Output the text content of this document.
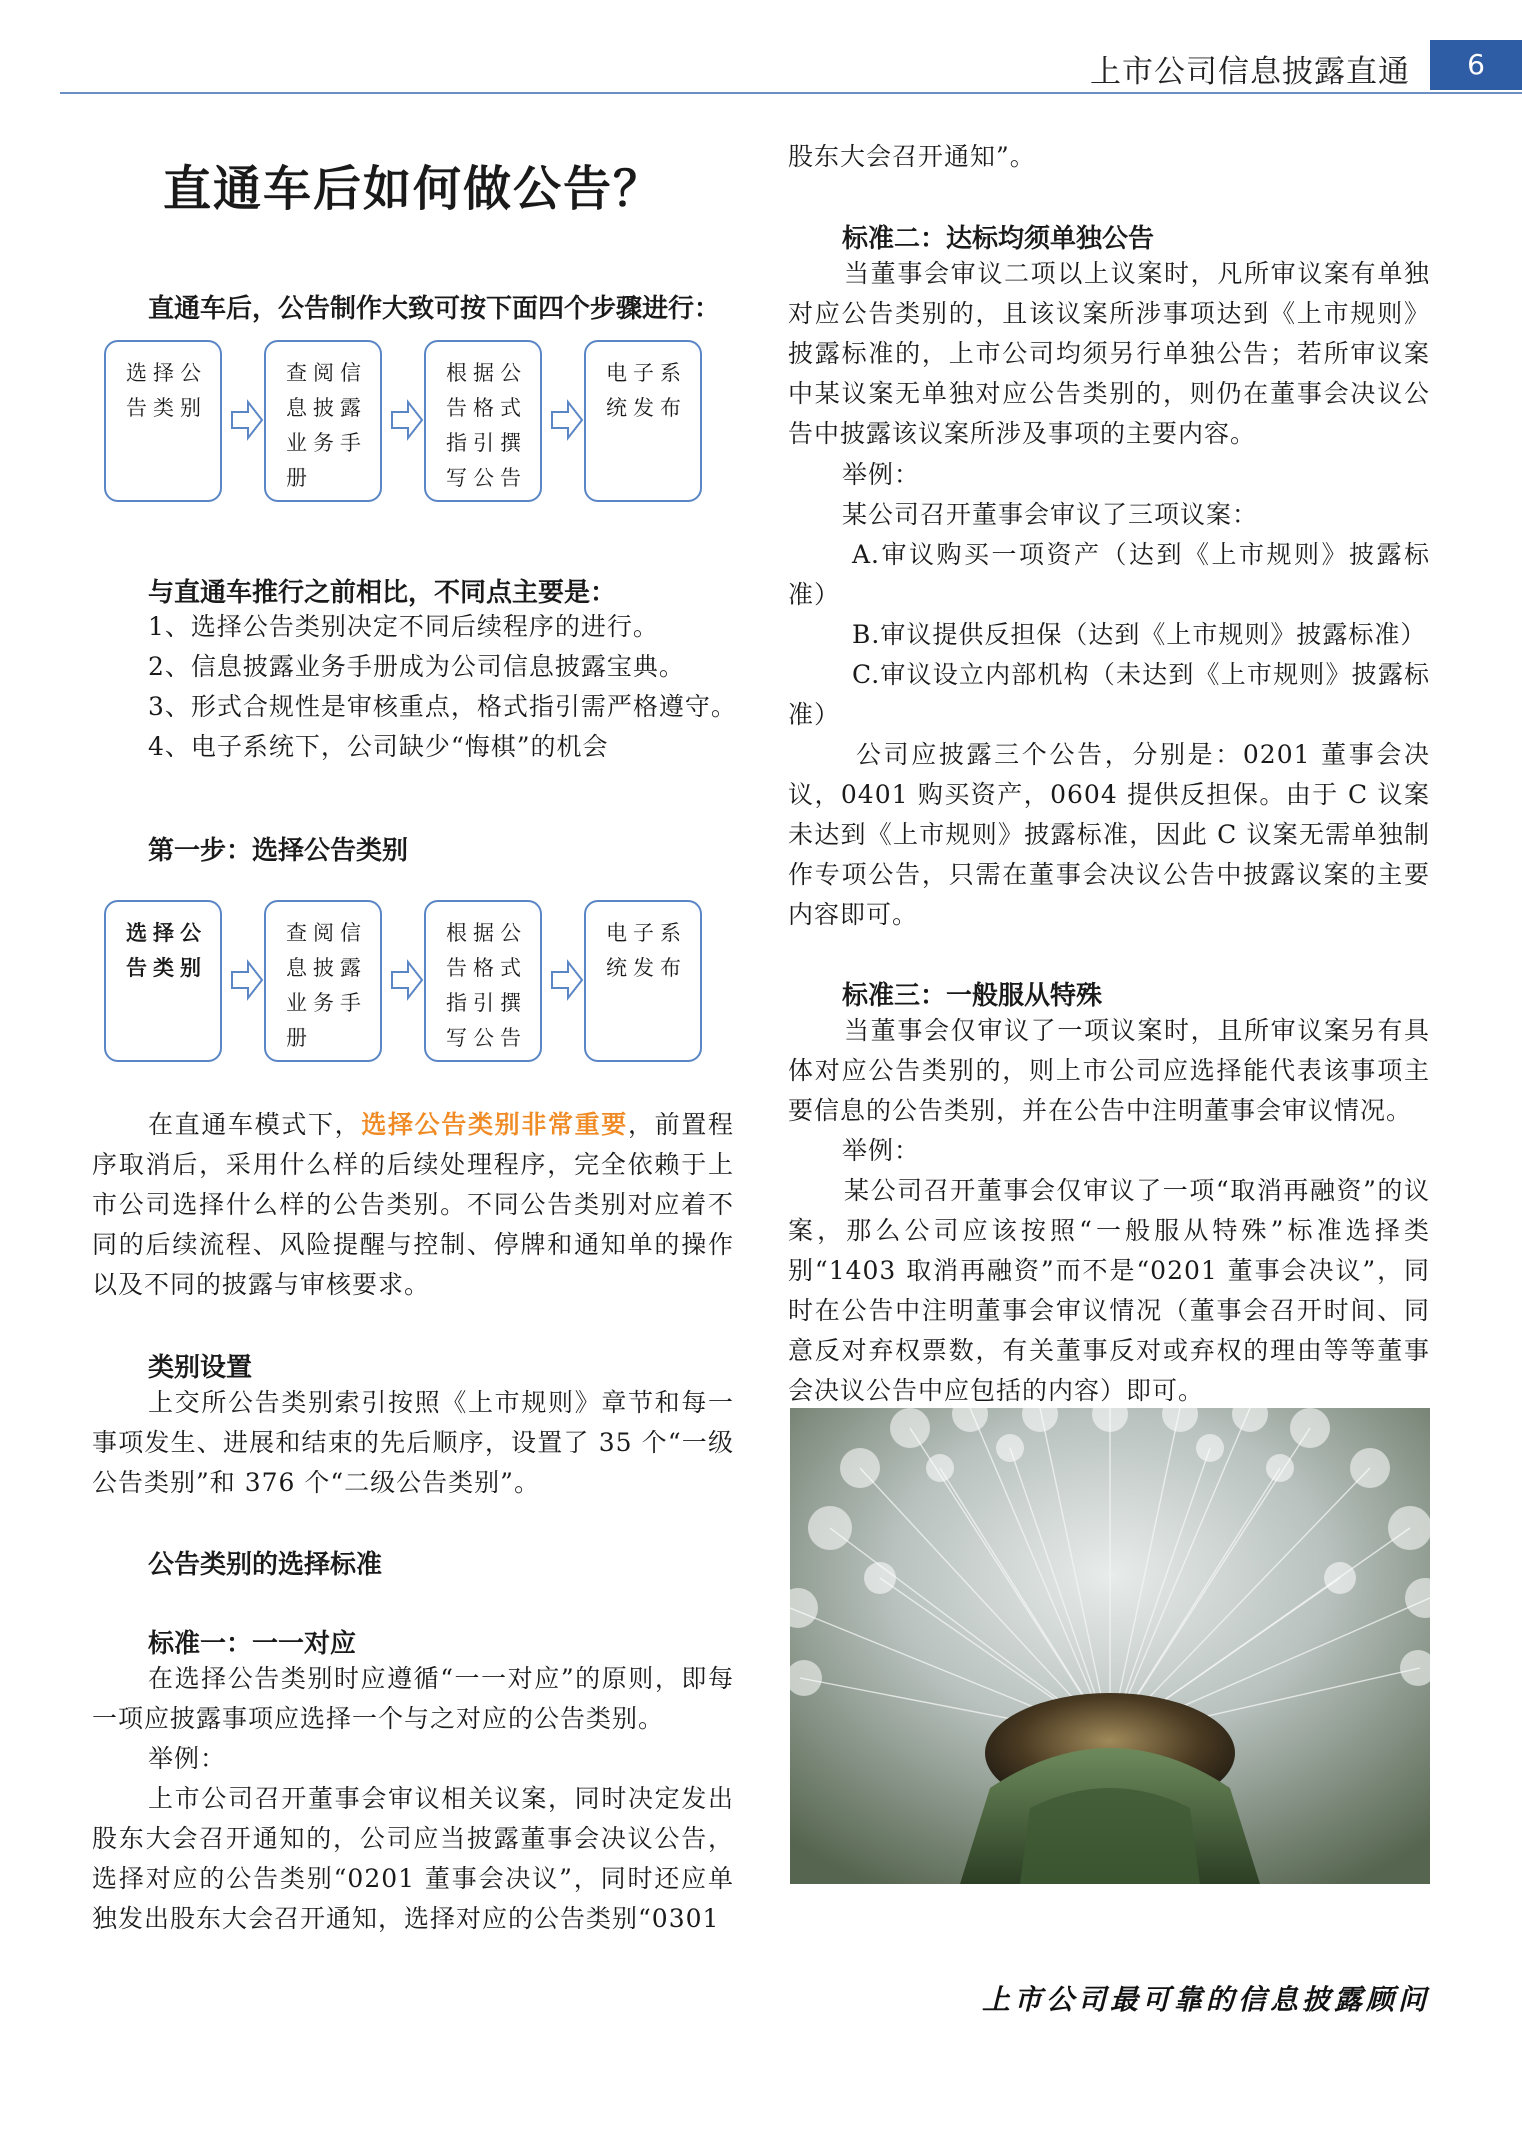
上市公司信息披露直通	6
直通车后如何做公告？
直通车后，公告制作大致可按下面四个步骤进行：
选择公告类别
查阅信息披露业务手册
根据公告格式指引撰写公告
电子系统发布
与直通车推行之前相比，不同点主要是：
1、选择公告类别决定不同后续程序的进行。
2、信息披露业务手册成为公司信息披露宝典。
3、形式合规性是审核重点，格式指引需严格遵守。
4、电子系统下，公司缺少“悔棋”的机会
第一步：选择公告类别
选择公告类别
查阅信息披露业务手册
根据公告格式指引撰写公告
电子系统发布
在直通车模式下，选择公告类别非常重要，前置程序取消后，采用什么样的后续处理程序，完全依赖于上市公司选择什么样的公告类别。不同公告类别对应着不同的后续流程、风险提醒与控制、停牌和通知单的操作以及不同的披露与审核要求。
类别设置
上交所公告类别索引按照《上市规则》章节和每一事项发生、进展和结束的先后顺序，设置了 35 个“一级公告类别”和 376 个“二级公告类别”。
公告类别的选择标准
标准一：一一对应
在选择公告类别时应遵循“一一对应”的原则，即每一项应披露事项应选择一个与之对应的公告类别。
举例：
上市公司召开董事会审议相关议案，同时决定发出股东大会召开通知的，公司应当披露董事会决议公告，选择对应的公告类别“0201 董事会决议”，同时还应单独发出股东大会召开通知，选择对应的公告类别“0301
股东大会召开通知”。
标准二：达标均须单独公告
当董事会审议二项以上议案时，凡所审议案有单独对应公告类别的，且该议案所涉事项达到《上市规则》披露标准的，上市公司均须另行单独公告；若所审议案中某议案无单独对应公告类别的，则仍在董事会决议公告中披露该议案所涉及事项的主要内容。
举例：
某公司召开董事会审议了三项议案：
A.审议购买一项资产（达到《上市规则》披露标准）
B.审议提供反担保（达到《上市规则》披露标准）
C.审议设立内部机构（未达到《上市规则》披露标准）
公司应披露三个公告，分别是：0201 董事会决议，0401 购买资产，0604 提供反担保。由于 C 议案未达到《上市规则》披露标准，因此 C 议案无需单独制作专项公告，只需在董事会决议公告中披露议案的主要内容即可。
标准三：一般服从特殊
当董事会仅审议了一项议案时，且所审议案另有具体对应公告类别的，则上市公司应选择能代表该事项主要信息的公告类别，并在公告中注明董事会审议情况。
举例：
某公司召开董事会仅审议了一项“取消再融资”的议案，那么公司应该按照“一般服从特殊”标准选择类别“1403 取消再融资”而不是“0201 董事会决议”，同时在公告中注明董事会审议情况（董事会召开时间、同意反对弃权票数，有关董事反对或弃权的理由等等董事会决议公告中应包括的内容）即可。
上市公司最可靠的信息披露顾问
